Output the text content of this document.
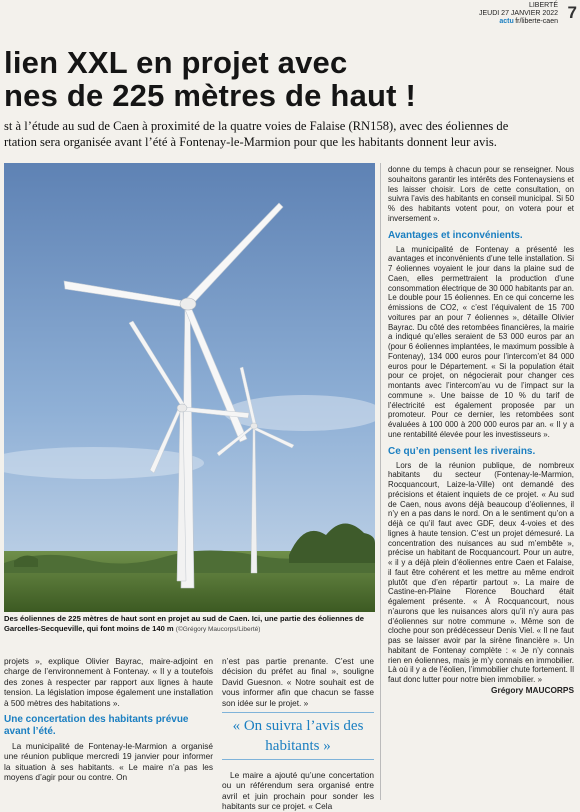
LIBERTÉ
JEUDI 27 JANVIER 2022
actu fr/liberte-caen 7
lien XXL en projet avec
nes de 225 mètres de haut !
st à l’étude au sud de Caen à proximité de la quatre voies de Falaise (RN158), avec des éoliennes de
rtation sera organisée avant l’été à Fontenay-le-Marmion pour que les habitants donnent leur avis.
Des éoliennes de 225 mètres de haut sont en projet au sud de Caen. Ici, une partie des éoliennes de Garcelles-Secqueville, qui font moins de 140 m (©Grégory Maucorps/Liberté)

projets », explique Olivier Bayrac, maire-adjoint en charge de l’environnement à Fontenay. « Il y a toutefois des zones à respecter par rapport aux lignes à haute tension. La législation impose également une installation à 500 mètres des habitations ».

Une concertation des habitants prévue avant l’été.

La municipalité de Fontenay-le-Marmion a organisé une réunion publique mercredi 19 janvier pour informer la situation à ses habitants. « Le maire n’a pas les moyens d’agir pour ou contre. On

n’est pas partie prenante. C’est une décision du préfet au final », souligne David Guesnon. « Notre souhait est de vous informer afin que chacun se fasse son idée sur le projet. »

« On suivra l’avis des habitants »

Le maire a ajouté qu’une concertation ou un référendum sera organisé entre avril et juin prochain pour sonder les habitants sur ce projet. « Cela

donne du temps à chacun pour se renseigner. Nous souhaitons garantir les intérêts des Fontenaysiens et les laisser choisir. Lors de cette consultation, on suivra l’avis des habitants en conseil municipal. Si 50 % des habitants votent pour, on votera pour et inversement ».

Avantages et inconvénients.

La municipalité de Fontenay a présenté les avantages et inconvénients d’une telle installation. Si 7 éoliennes voyaient le jour dans la plaine sud de Caen, elles permettraient la production d’une consommation électrique de 30 000 habitants par an. Le double pour 15 éoliennes. En ce qui concerne les émissions de CO2, « c’est l’équivalent de 15 700 voitures par an pour 7 éoliennes », détaille Olivier Bayrac. Du côté des retombées financières, la mairie a indiqué qu’elles seraient de 53 000 euros par an (pour 6 éoliennes implantées, le maximum possible à Fontenay), 134 000 euros pour l’intercom’et 84 000 euros pour le Département. « Si la population était pour ce projet, on négocierait pour changer ces montants avec l’intercom’au vu de l’impact sur la commune ». Une baisse de 10 % du tarif de l’électricité est également proposée par un promoteur. Pour ce dernier, les retombées sont évaluées à 100 000 à 200 000 euros par an. « Il y a une rentabilité élevée pour les investisseurs ».

Ce qu’en pensent les riverains.

Lors de la réunion publique, de nombreux habitants du secteur (Fontenay-le-Marmion, Rocquancourt, Laize-la-Ville) ont demandé des précisions et étaient inquiets de ce projet. « Au sud de Caen, nous avons déjà beaucoup d’éoliennes, il n’y en a pas dans le nord. On a le sentiment qu’on a déjà ce qu’il faut avec GDF, deux 4-voies et des lignes à haute tension. C’est un projet démesuré. La concentration des nuisances au sud m’embête », précise un habitant de Rocquancourt. Pour un autre, « il y a déjà plein d’éoliennes entre Caen et Falaise, il faut être cohérent et les mettre au même endroit plutôt que d’en répartir partout ». La maire de Castine-en-Plaine Florence Bouchard était également présente. « À Rocquancourt, nous n’aurons que les nuisances alors qu’il n’y aura pas d’éoliennes sur notre commune ». Même son de cloche pour son prédécesseur Denis Viel. « Il ne faut pas se laisser avoir par la sirène financière ». Un habitant de Fontenay complète : « Je n’y connais rien en éoliennes, mais je m’y connais en immobilier. Là où il y a de l’éolien, l’immobilier chute fortement. Il faut donc lutter pour notre bien immobilier. »

Grégory MAUCORPS
